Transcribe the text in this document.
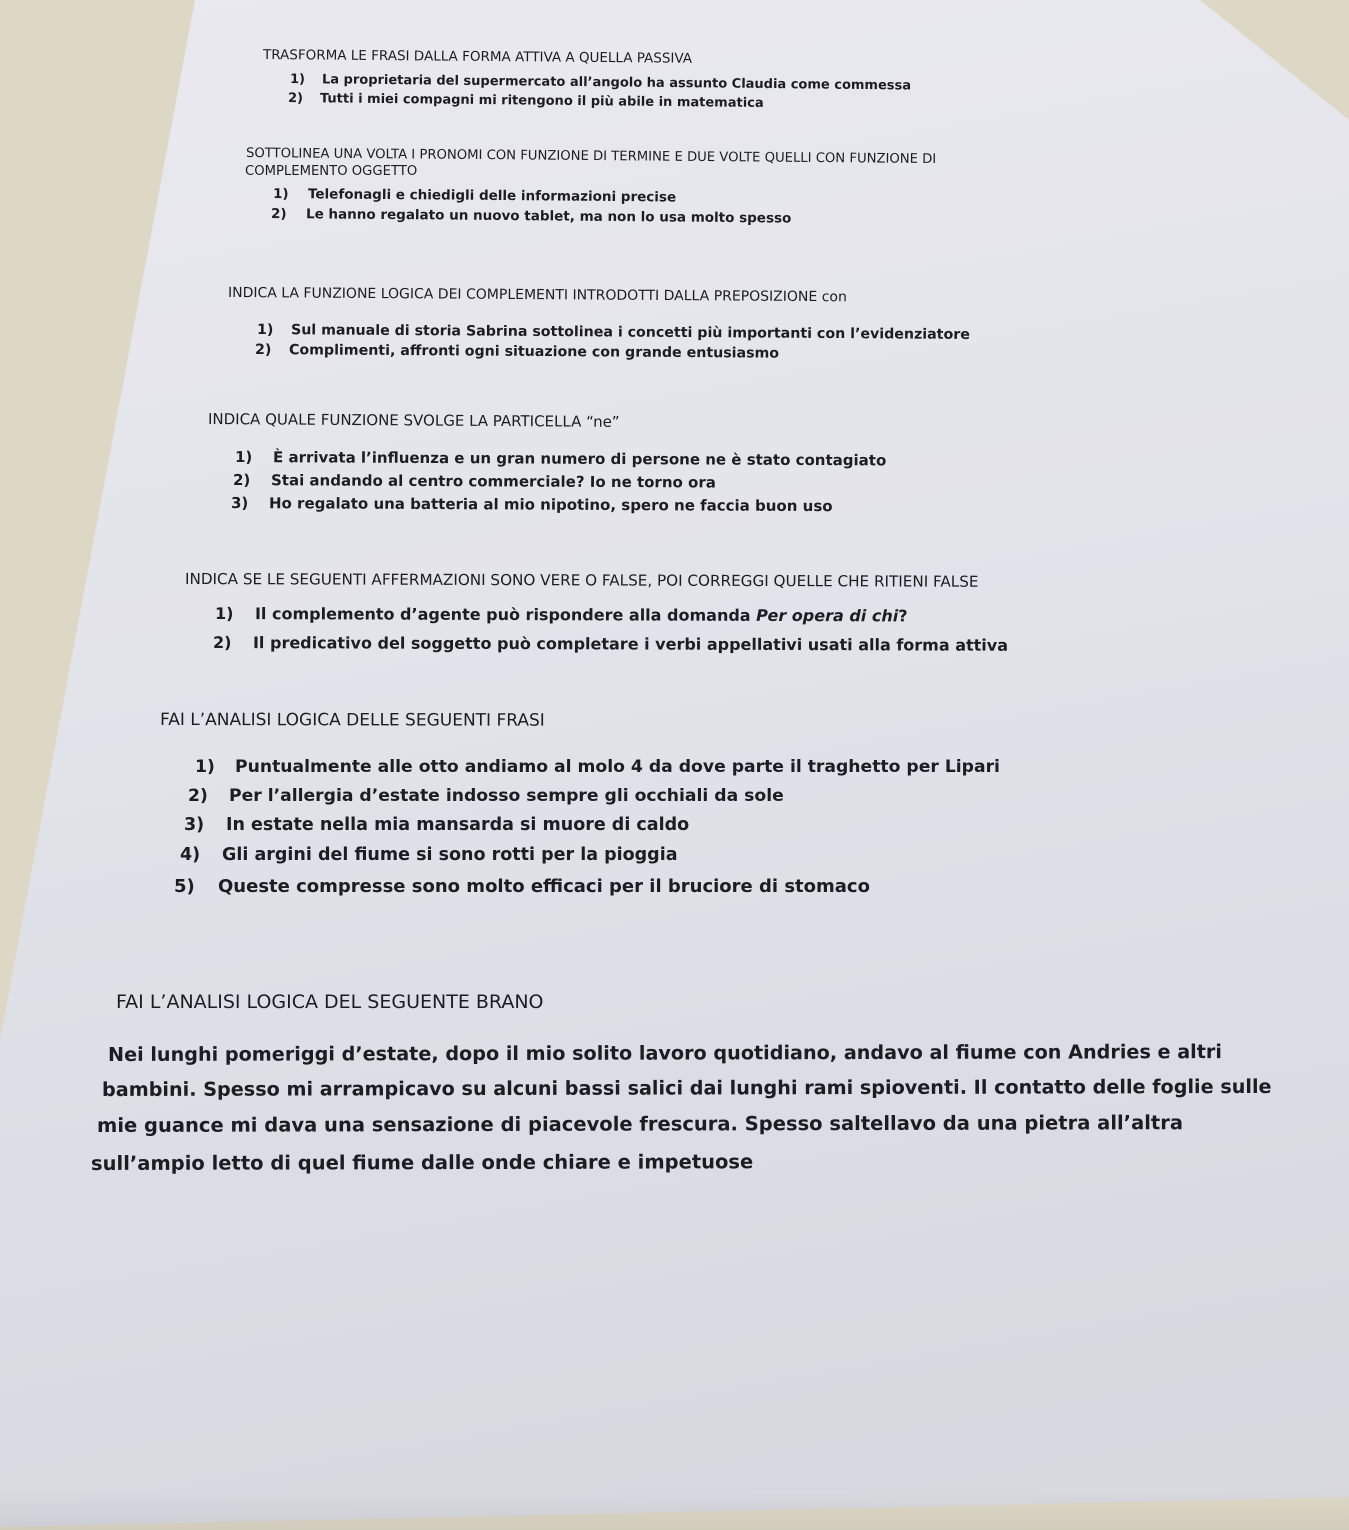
TRASFORMA LE FRASI DALLA FORMA ATTIVA A QUELLA PASSIVA
1) La proprietaria del supermercato all’angolo ha assunto Claudia come commessa
2) Tutti i miei compagni mi ritengono il più abile in matematica
SOTTOLINEA UNA VOLTA I PRONOMI CON FUNZIONE DI TERMINE E DUE VOLTE QUELLI CON FUNZIONE DI
COMPLEMENTO OGGETTO
1) Telefonagli e chiedigli delle informazioni precise
2) Le hanno regalato un nuovo tablet, ma non lo usa molto spesso
INDICA LA FUNZIONE LOGICA DEI COMPLEMENTI INTRODOTTI DALLA PREPOSIZIONE con
1) Sul manuale di storia Sabrina sottolinea i concetti più importanti con l’evidenziatore
2) Complimenti, affronti ogni situazione con grande entusiasmo
INDICA QUALE FUNZIONE SVOLGE LA PARTICELLA “ne”
1) È arrivata l’influenza e un gran numero di persone ne è stato contagiato
2) Stai andando al centro commerciale? Io ne torno ora
3) Ho regalato una batteria al mio nipotino, spero ne faccia buon uso
INDICA SE LE SEGUENTI AFFERMAZIONI SONO VERE O FALSE, POI CORREGGI QUELLE CHE RITIENI FALSE
1) Il complemento d’agente può rispondere alla domanda Per opera di chi?
2) Il predicativo del soggetto può completare i verbi appellativi usati alla forma attiva
FAI L’ANALISI LOGICA DELLE SEGUENTI FRASI
1) Puntualmente alle otto andiamo al molo 4 da dove parte il traghetto per Lipari
2) Per l’allergia d’estate indosso sempre gli occhiali da sole
3) In estate nella mia mansarda si muore di caldo
4) Gli argini del fiume si sono rotti per la pioggia
5) Queste compresse sono molto efficaci per il bruciore di stomaco
FAI L’ANALISI LOGICA DEL SEGUENTE BRANO
Nei lunghi pomeriggi d’estate, dopo il mio solito lavoro quotidiano, andavo al fiume con Andries e altri
bambini. Spesso mi arrampicavo su alcuni bassi salici dai lunghi rami spioventi. Il contatto delle foglie sulle
mie guance mi dava una sensazione di piacevole frescura. Spesso saltellavo da una pietra all’altra
sull’ampio letto di quel fiume dalle onde chiare e impetuose
